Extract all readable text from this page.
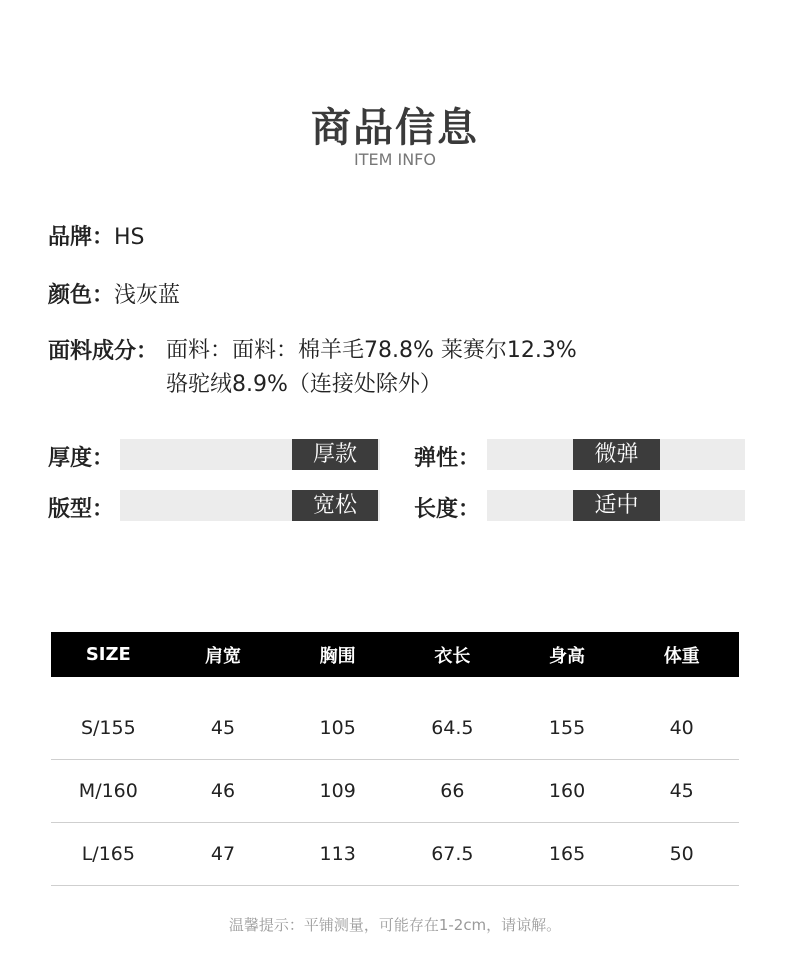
商品信息
ITEM INFO
品牌：HS
颜色：浅灰蓝
面料成分： 面料：面料：棉羊毛78.8% 莱赛尔12.3%
骆驼绒8.9%（连接处除外）
厚度：	厚款	弹性：	微弹
版型：	宽松	长度：	适中
SIZE	肩宽	胸围	衣长	身高	体重
S/155	45	105	64.5	155	40
M/160	46	109	66	160	45
L/165	47	113	67.5	165	50
温馨提示：平铺测量，可能存在1-2cm，请谅解。
